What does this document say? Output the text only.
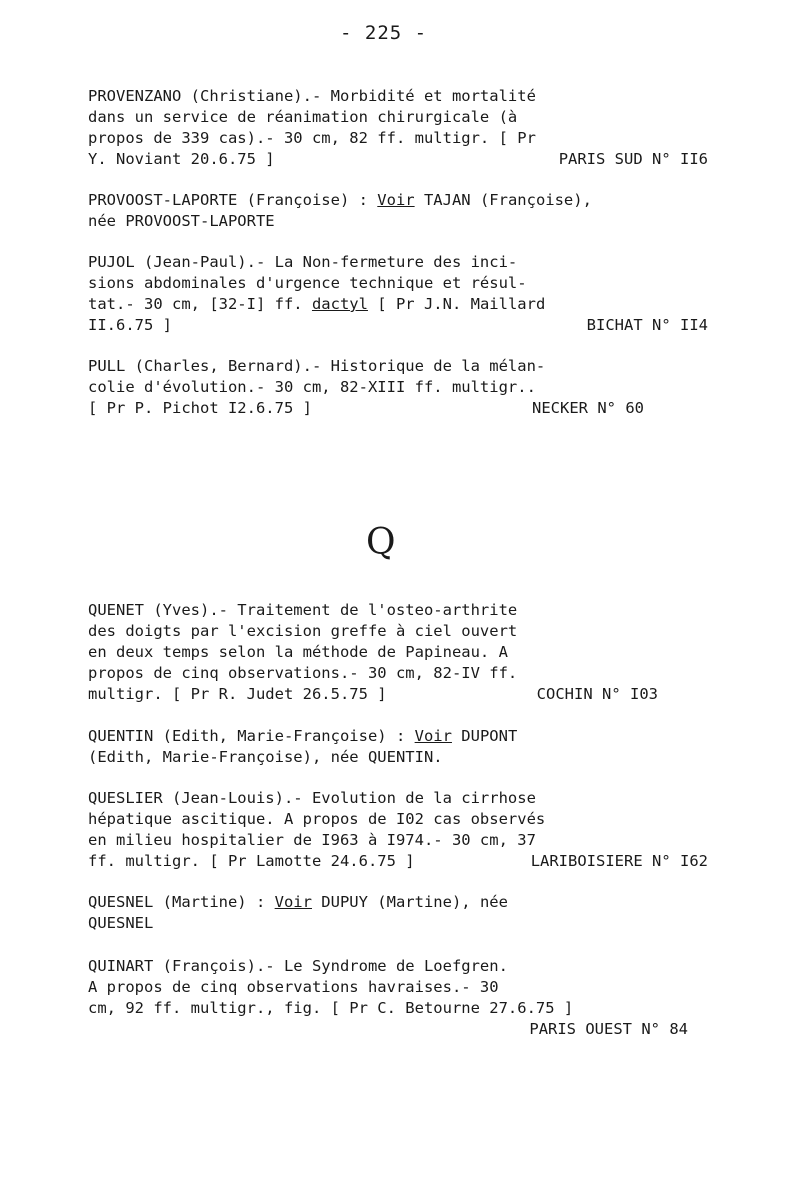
- 225 -
PROVENZANO (Christiane).- Morbidité et mortalité
dans un service de réanimation chirurgicale (à
propos de 339 cas).- 30 cm, 82 ff. multigr. [ Pr
Y. Noviant 20.6.75 ]	PARIS SUD N° II6
PROVOOST-LAPORTE (Françoise) : Voir TAJAN (Françoise),
née PROVOOST-LAPORTE
PUJOL (Jean-Paul).- La Non-fermeture des inci-
sions abdominales d'urgence technique et résul-
tat.- 30 cm, [32-I] ff. dactyl [ Pr J.N. Maillard
II.6.75 ]	BICHAT N° II4
PULL (Charles, Bernard).- Historique de la mélan-
colie d'évolution.- 30 cm, 82-XIII ff. multigr..
[ Pr P. Pichot I2.6.75 ]	NECKER N° 60
Q
QUENET (Yves).- Traitement de l'osteo-arthrite
des doigts par l'excision greffe à ciel ouvert
en deux temps selon la méthode de Papineau. A
propos de cinq observations.- 30 cm, 82-IV ff.
multigr. [ Pr R. Judet 26.5.75 ]	COCHIN N° I03
QUENTIN (Edith, Marie-Françoise) : Voir DUPONT
(Edith, Marie-Françoise), née QUENTIN.
QUESLIER (Jean-Louis).- Evolution de la cirrhose
hépatique ascitique. A propos de I02 cas observés
en milieu hospitalier de I963 à I974.- 30 cm, 37
ff. multigr. [ Pr Lamotte 24.6.75 ]	LARIBOISIERE N° I62
QUESNEL (Martine) : Voir DUPUY (Martine), née
QUESNEL
QUINART (François).- Le Syndrome de Loefgren.
A propos de cinq observations havraises.- 30
cm, 92 ff. multigr., fig. [ Pr C. Betourne 27.6.75 ]
PARIS OUEST N° 84
